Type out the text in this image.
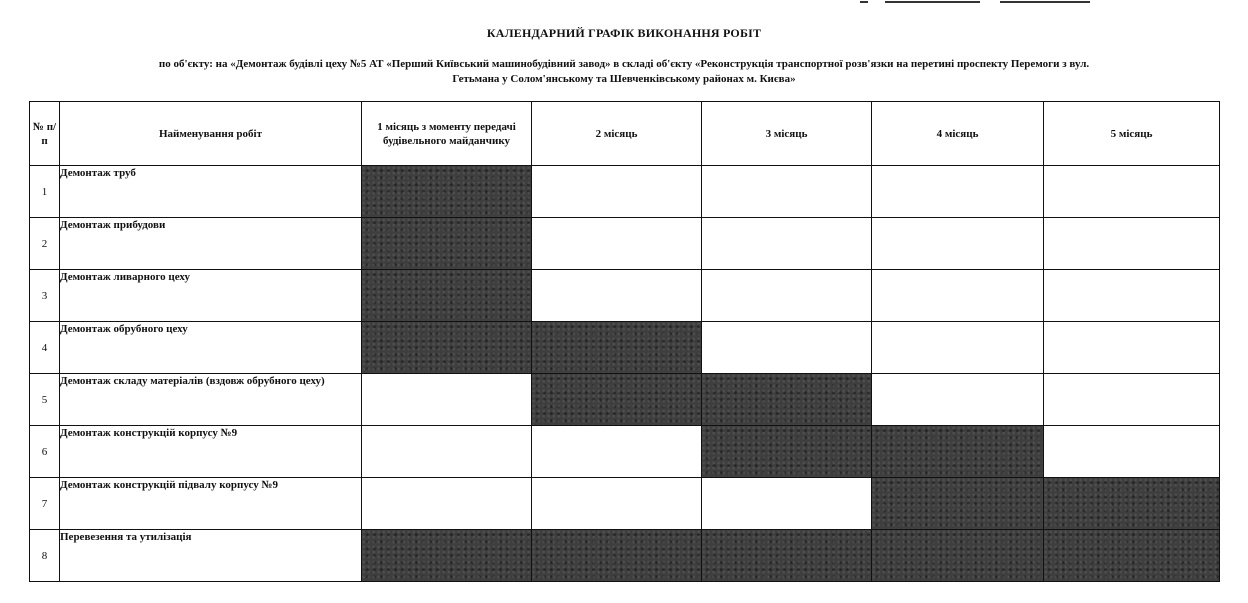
КАЛЕНДАРНИЙ ГРАФІК ВИКОНАННЯ РОБІТ
по об'єкту: на «Демонтаж будівлі цеху №5 АТ «Перший Київський машинобудівний завод» в складі об'єкту «Реконструкція транспортної розв'язки на перетині проспекту Перемоги з вул.
Гетьмана у Солом'янському та Шевченківському районах м. Києва»
№ п/п	Найменування робіт	1 місяць з моменту передачі будівельного майданчику	2 місяць	3 місяць	4 місяць	5 місяць
1	Демонтаж труб					
2	Демонтаж прибудови					
3	Демонтаж ливарного цеху					
4	Демонтаж обрубного цеху					
5	Демонтаж складу матеріалів (вздовж обрубного цеху)					
6	Демонтаж конструкцій корпусу №9					
7	Демонтаж конструкцій підвалу корпусу №9					
8	Перевезення та утилізація					
